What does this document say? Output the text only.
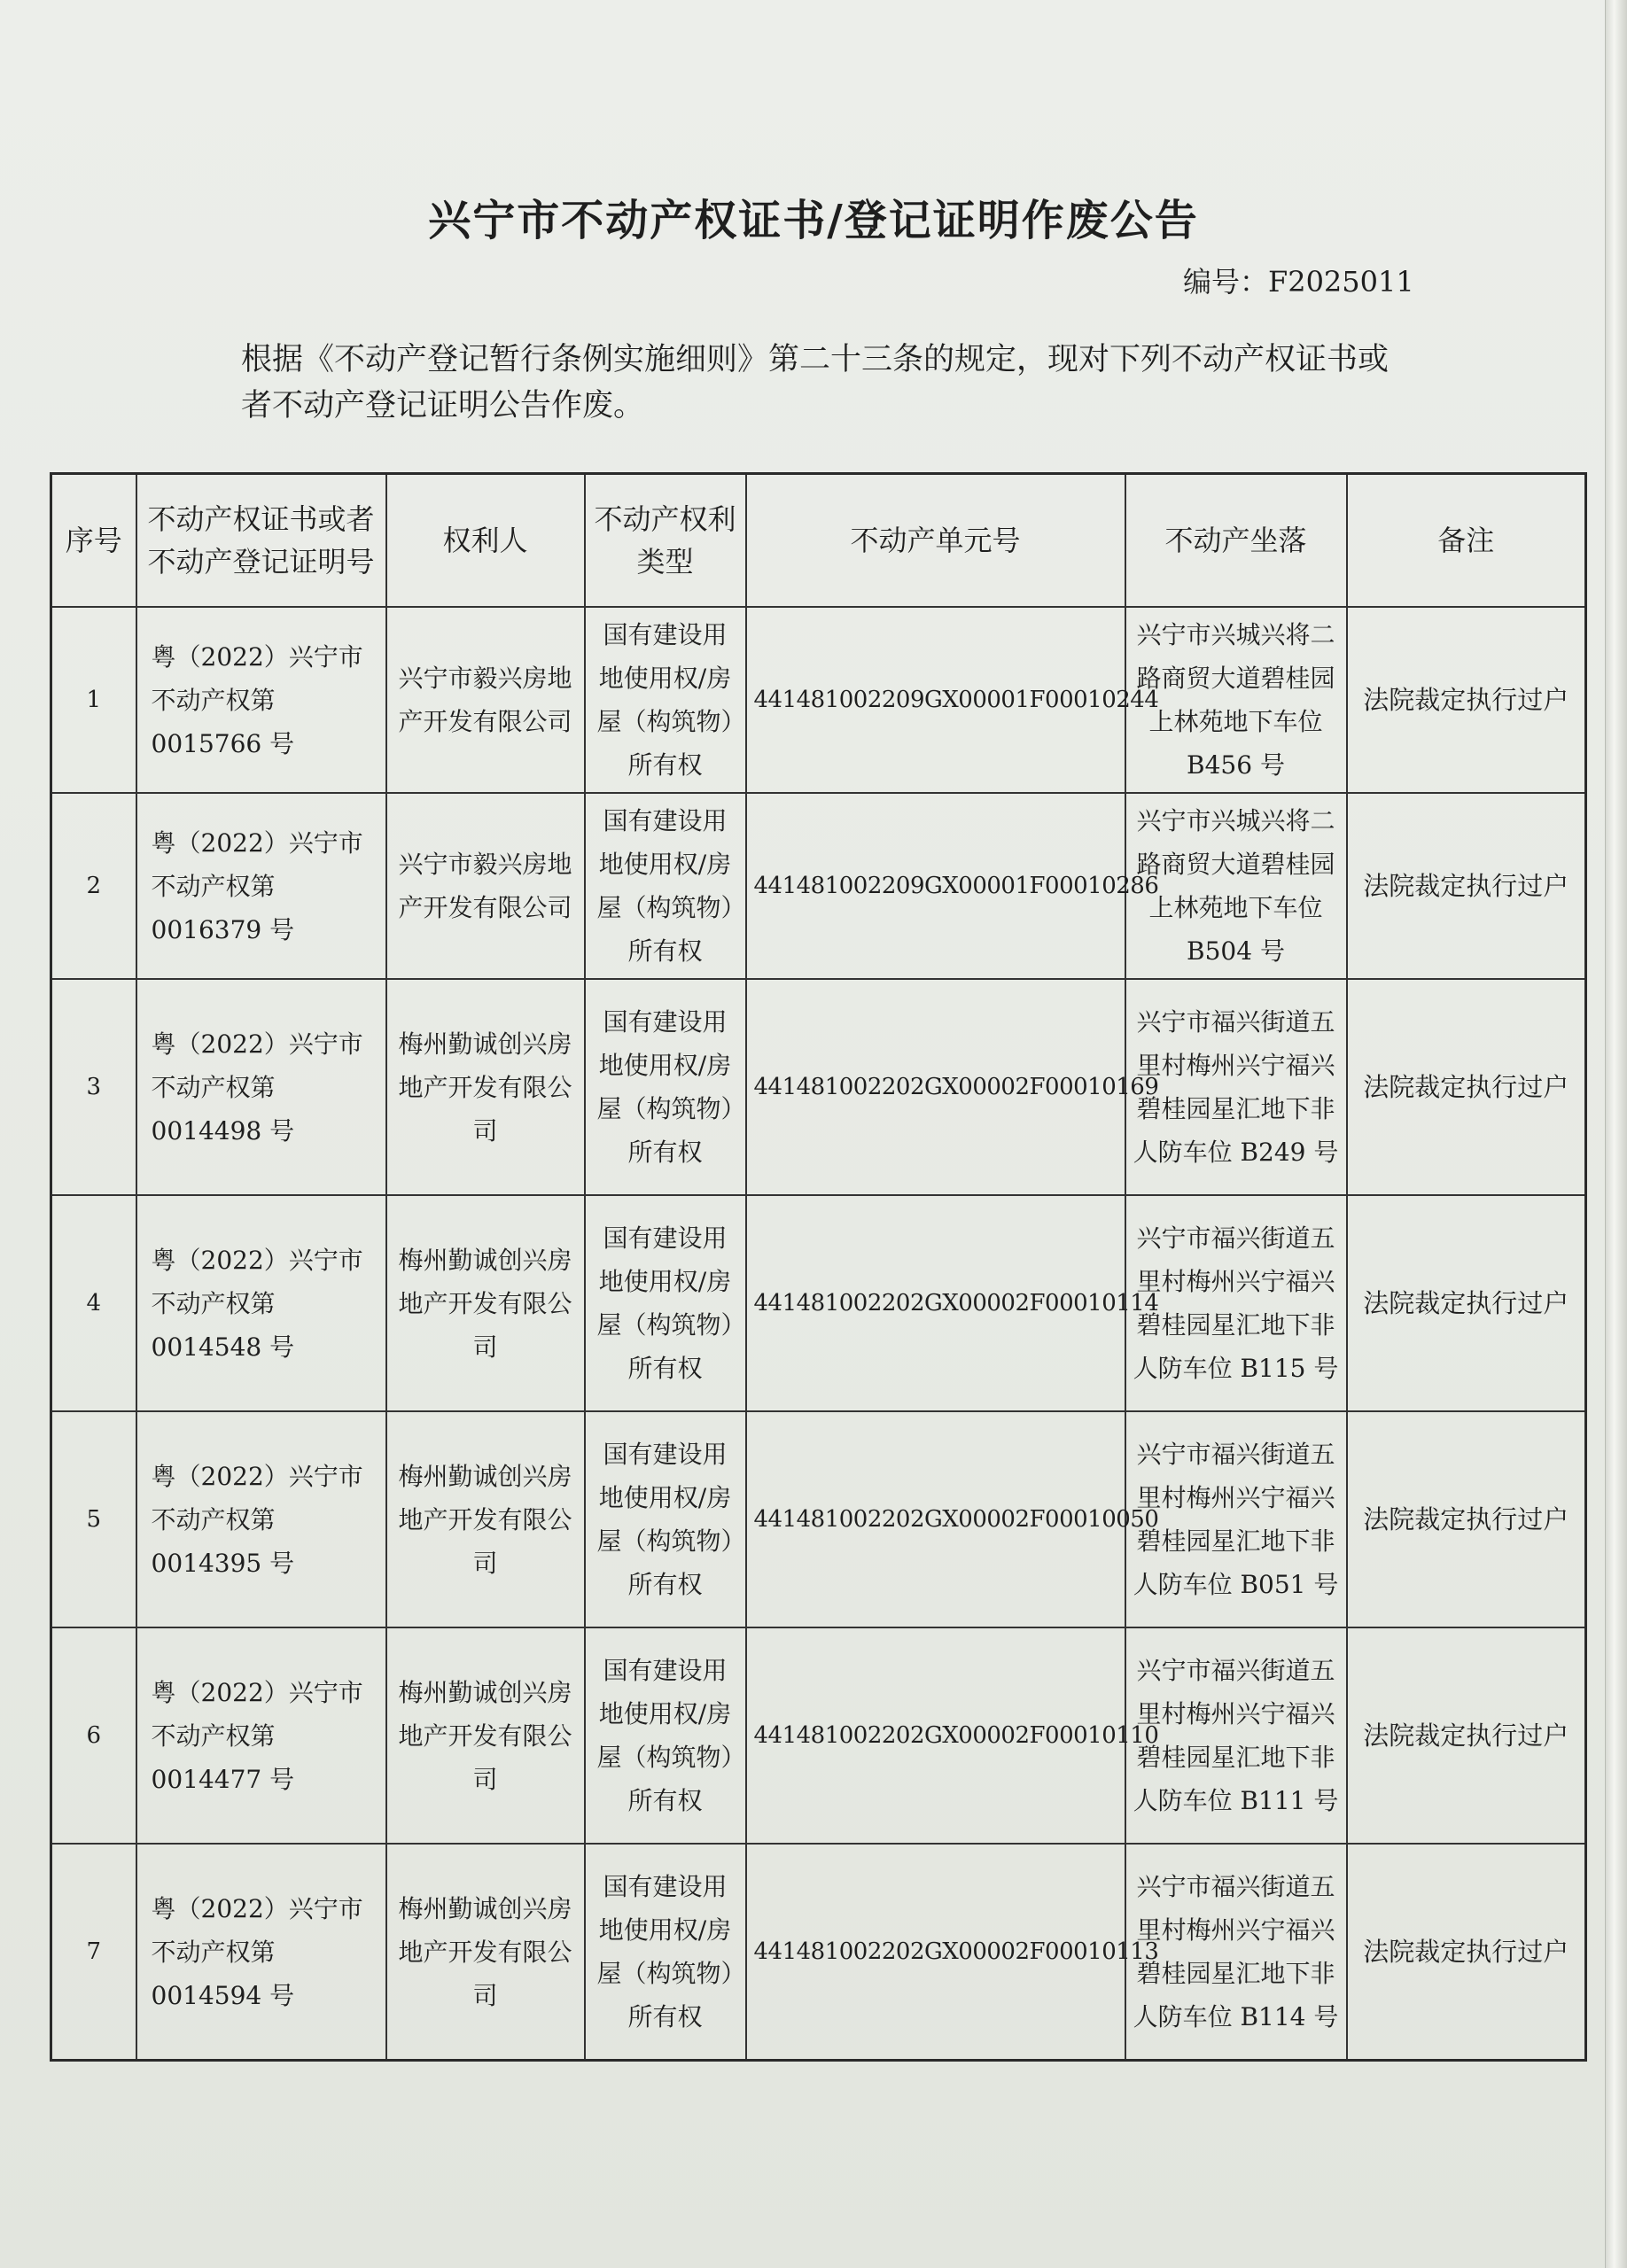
兴宁市不动产权证书/登记证明作废公告
编号：F2025011
根据《不动产登记暂行条例实施细则》第二十三条的规定，现对下列不动产权证书或者不动产登记证明公告作废。
序号	不动产权证书或者不动产登记证明号	权利人	不动产权利类型	不动产单元号	不动产坐落	备注
1	粤（2022）兴宁市不动产权第 0015766 号	兴宁市毅兴房地产开发有限公司	国有建设用地使用权/房屋（构筑物）所有权	441481002209GX00001F00010244	兴宁市兴城兴将二路商贸大道碧桂园上林苑地下车位 B456 号	法院裁定执行过户
2	粤（2022）兴宁市不动产权第 0016379 号	兴宁市毅兴房地产开发有限公司	国有建设用地使用权/房屋（构筑物）所有权	441481002209GX00001F00010286	兴宁市兴城兴将二路商贸大道碧桂园上林苑地下车位 B504 号	法院裁定执行过户
3	粤（2022）兴宁市不动产权第 0014498 号	梅州勤诚创兴房地产开发有限公司	国有建设用地使用权/房屋（构筑物）所有权	441481002202GX00002F00010169	兴宁市福兴街道五里村梅州兴宁福兴碧桂园星汇地下非人防车位 B249 号	法院裁定执行过户
4	粤（2022）兴宁市不动产权第 0014548 号	梅州勤诚创兴房地产开发有限公司	国有建设用地使用权/房屋（构筑物）所有权	441481002202GX00002F00010114	兴宁市福兴街道五里村梅州兴宁福兴碧桂园星汇地下非人防车位 B115 号	法院裁定执行过户
5	粤（2022）兴宁市不动产权第 0014395 号	梅州勤诚创兴房地产开发有限公司	国有建设用地使用权/房屋（构筑物）所有权	441481002202GX00002F00010050	兴宁市福兴街道五里村梅州兴宁福兴碧桂园星汇地下非人防车位 B051 号	法院裁定执行过户
6	粤（2022）兴宁市不动产权第 0014477 号	梅州勤诚创兴房地产开发有限公司	国有建设用地使用权/房屋（构筑物）所有权	441481002202GX00002F00010110	兴宁市福兴街道五里村梅州兴宁福兴碧桂园星汇地下非人防车位 B111 号	法院裁定执行过户
7	粤（2022）兴宁市不动产权第 0014594 号	梅州勤诚创兴房地产开发有限公司	国有建设用地使用权/房屋（构筑物）所有权	441481002202GX00002F00010113	兴宁市福兴街道五里村梅州兴宁福兴碧桂园星汇地下非人防车位 B114 号	法院裁定执行过户
